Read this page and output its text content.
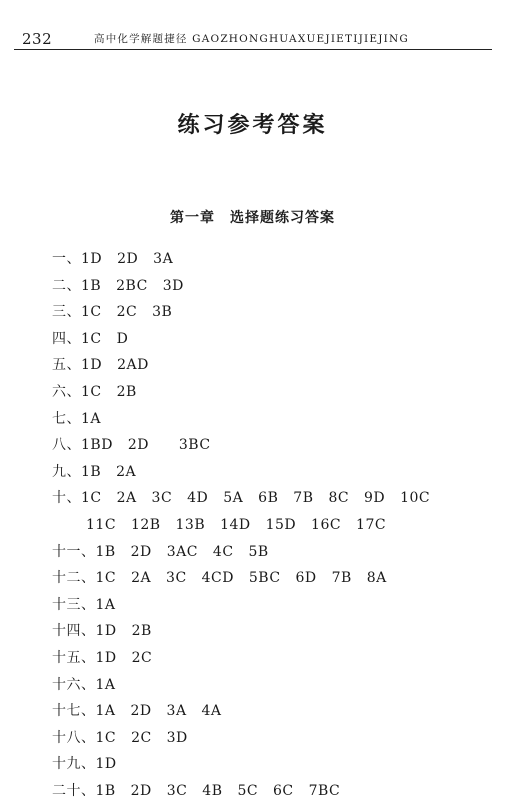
232	高中化学解题捷径 GAOZHONGHUAXUEJIETIJIEJING
练习参考答案
第一章　选择题练习答案
一、1D 2D 3A
二、1B 2BC 3D
三、1C 2C 3B
四、1C D
五、1D 2AD
六、1C 2B
七、1A
八、1BD 2D  3BC
九、1B 2A
十、1C 2A 3C 4D 5A 6B 7B 8C 9D 10C
11C 12B 13B 14D 15D 16C 17C
十一、1B 2D 3AC 4C 5B
十二、1C 2A 3C 4CD 5BC 6D 7B 8A
十三、1A
十四、1D 2B
十五、1D 2C
十六、1A
十七、1A 2D 3A 4A
十八、1C 2C 3D
十九、1D
二十、1B 2D 3C 4B 5C 6C 7BC
